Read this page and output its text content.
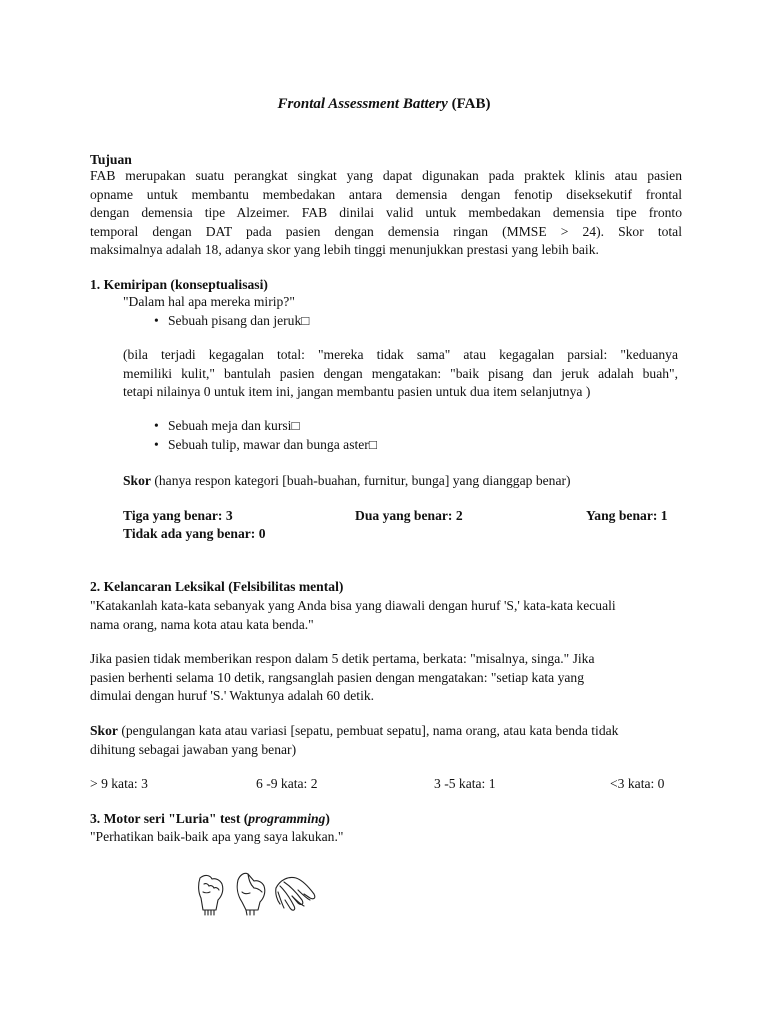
Frontal Assessment Battery (FAB)
Tujuan
FAB merupakan suatu perangkat singkat yang dapat digunakan pada praktek klinis atau pasien
opname untuk membantu membedakan antara demensia dengan fenotip diseksekutif frontal
dengan demensia tipe Alzeimer. FAB dinilai valid untuk membedakan demensia tipe fronto
temporal dengan DAT pada pasien dengan demensia ringan (MMSE > 24). Skor total
maksimalnya adalah 18, adanya skor yang lebih tinggi menunjukkan prestasi yang lebih baik.
1. Kemiripan (konseptualisasi)
"Dalam hal apa mereka mirip?"
• Sebuah pisang dan jeruk□
(bila terjadi kegagalan total: "mereka tidak sama" atau kegagalan parsial: "keduanya
memiliki kulit," bantulah pasien dengan mengatakan: "baik pisang dan jeruk adalah buah",
tetapi nilainya 0 untuk item ini, jangan membantu pasien untuk dua item selanjutnya )
• Sebuah meja dan kursi□
• Sebuah tulip, mawar dan bunga aster□
Skor (hanya respon kategori [buah-buahan, furnitur, bunga] yang dianggap benar)
Tiga yang benar: 3	Dua yang benar: 2	Yang benar: 1
Tidak ada yang benar: 0
2. Kelancaran Leksikal (Felsibilitas mental)
"Katakanlah kata-kata sebanyak yang Anda bisa yang diawali dengan huruf 'S,' kata-kata kecuali
nama orang, nama kota atau kata benda."
Jika pasien tidak memberikan respon dalam 5 detik pertama, berkata: "misalnya, singa." Jika
pasien berhenti selama 10 detik, rangsanglah pasien dengan mengatakan: "setiap kata yang
dimulai dengan huruf 'S.' Waktunya adalah 60 detik.
Skor (pengulangan kata atau variasi [sepatu, pembuat sepatu], nama orang, atau kata benda tidak
dihitung sebagai jawaban yang benar)
> 9 kata: 3	6 -9 kata: 2	3 -5 kata: 1	<3 kata: 0
3. Motor seri "Luria" test (programming)
"Perhatikan baik-baik apa yang saya lakukan."
